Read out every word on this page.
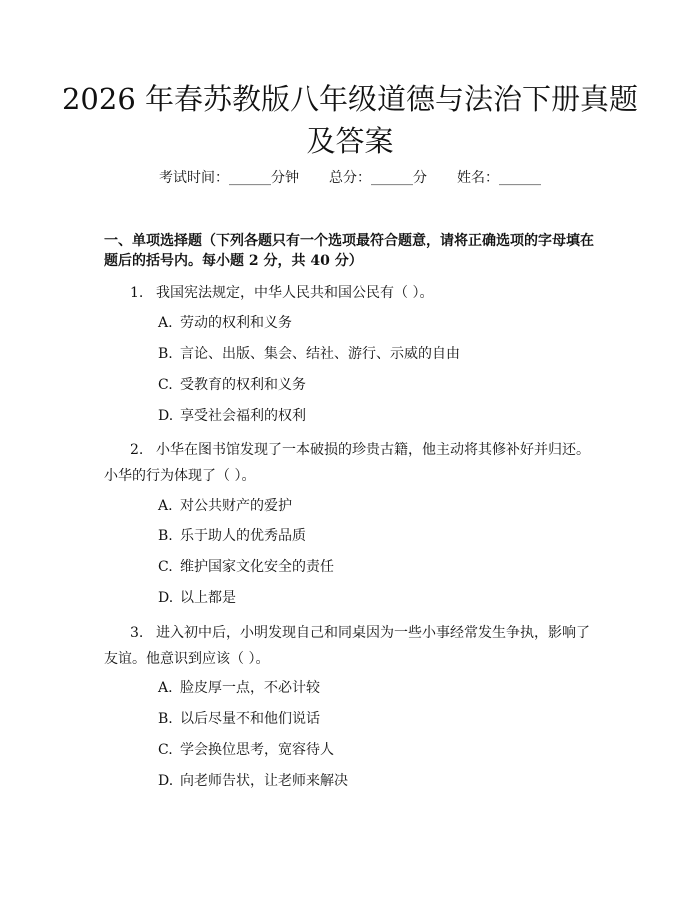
2026 年春苏教版八年级道德与法治下册真题及答案
考试时间：______分钟 总分：______分 姓名：______

一、单项选择题（下列各题只有一个选项最符合题意，请将正确选项的字母填在题后的括号内。每小题 2 分，共 40 分）

1. 我国宪法规定，中华人民共和国公民有（ ）。

A. 劳动的权利和义务

B. 言论、出版、集会、结社、游行、示威的自由

C. 受教育的权利和义务

D. 享受社会福利的权利

2. 小华在图书馆发现了一本破损的珍贵古籍，他主动将其修补好并归还。小华的行为体现了（ ）。

A. 对公共财产的爱护

B. 乐于助人的优秀品质

C. 维护国家文化安全的责任

D. 以上都是

3. 进入初中后，小明发现自己和同桌因为一些小事经常发生争执，影响了友谊。他意识到应该（ ）。

A. 脸皮厚一点，不必计较

B. 以后尽量不和他们说话

C. 学会换位思考，宽容待人

D. 向老师告状，让老师来解决
